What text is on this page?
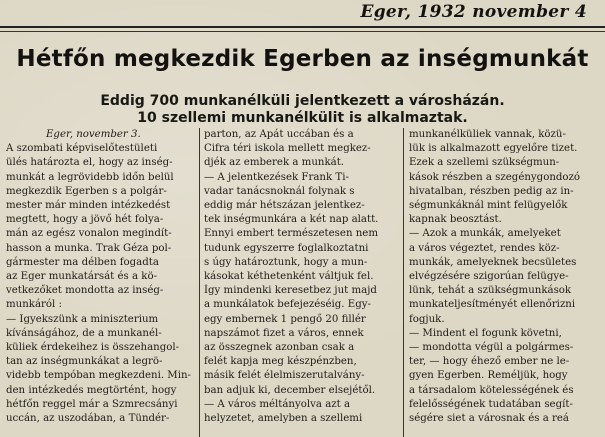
Eger, 1932 november 4
Hétfőn megkezdik Egerben az inségmunkát
Eddig 700 munkanélküli jelentkezett a városházán.
10 szellemi munkanélkülit is alkalmaztak.
Eger, november 3.
A szombati képviselőtestületi
ülés határozta el, hogy az inség-
munkát a legrövidebb időn belül
megkezdik Egerben s a polgár-
mester már minden intézkedést
megtett, hogy a jövő hét folya-
mán az egész vonalon megindít-
hasson a munka. Trak Géza pol-
gármester ma délben fogadta
az Eger munkatársát és a kö-
vetkezőket mondotta az inség-
munkáról :
— Igyekszünk a miniszterium
kívánságához, de a munkanél-
küliek érdekeihez is összehangol-
tan az inségmunkákat a legrö-
videbb tempóban megkezdeni. Min-
den intézkedés megtörtént, hogy
hétfőn reggel már a Szmrecsányi
uccán, az uszodában, a Tündér-
parton, az Apát uccában és a
Cifra téri iskola mellett megkez-
djék az emberek a munkát.
— A jelentkezések Frank Ti-
vadar tanácsnoknál folynak s
eddig már hétszázan jelentkez-
tek inségmunkára a két nap alatt.
Ennyi embert természetesen nem
tudunk egyszerre foglalkoztatni
s úgy határoztunk, hogy a mun-
kásokat kéthetenként váltjuk fel.
Így mindenki keresetbez jut majd
a munkálatok befejezéséig. Egy-
egy embernek 1 pengő 20 fillér
napszámot fizet a város, ennek
az összegnek azonban csak a
felét kapja meg készpénzben,
másik felét élelmiszerutalvány-
ban adjuk ki, december elsejétől.
— A város méltányolva azt a
helyzetet, amelyben a szellemi
munkanélküliek vannak, közü-
lük is alkalmazott egyelőre tizet.
Ezek a szellemi szükségmun-
kások részben a szegénygondozó
hivatalban, részben pedig az in-
ségmunkáknál mint felügyelők
kapnak beosztást.
— Azok a munkák, amelyeket
a város végeztet, rendes köz-
munkák, amelyeknek becsületes
elvégzésére szigorúan felügye-
lünk, tehát a szükségmunkások
munkateljesítményét ellenőrizni
fogjuk.
— Mindent el fogunk követni,
— mondotta végül a polgármes-
ter, — hogy éhező ember ne le-
gyen Egerben. Reméljük, hogy
a társadalom kötelességének és
felelősségének tudatában segít-
ségére siet a városnak és a reá
